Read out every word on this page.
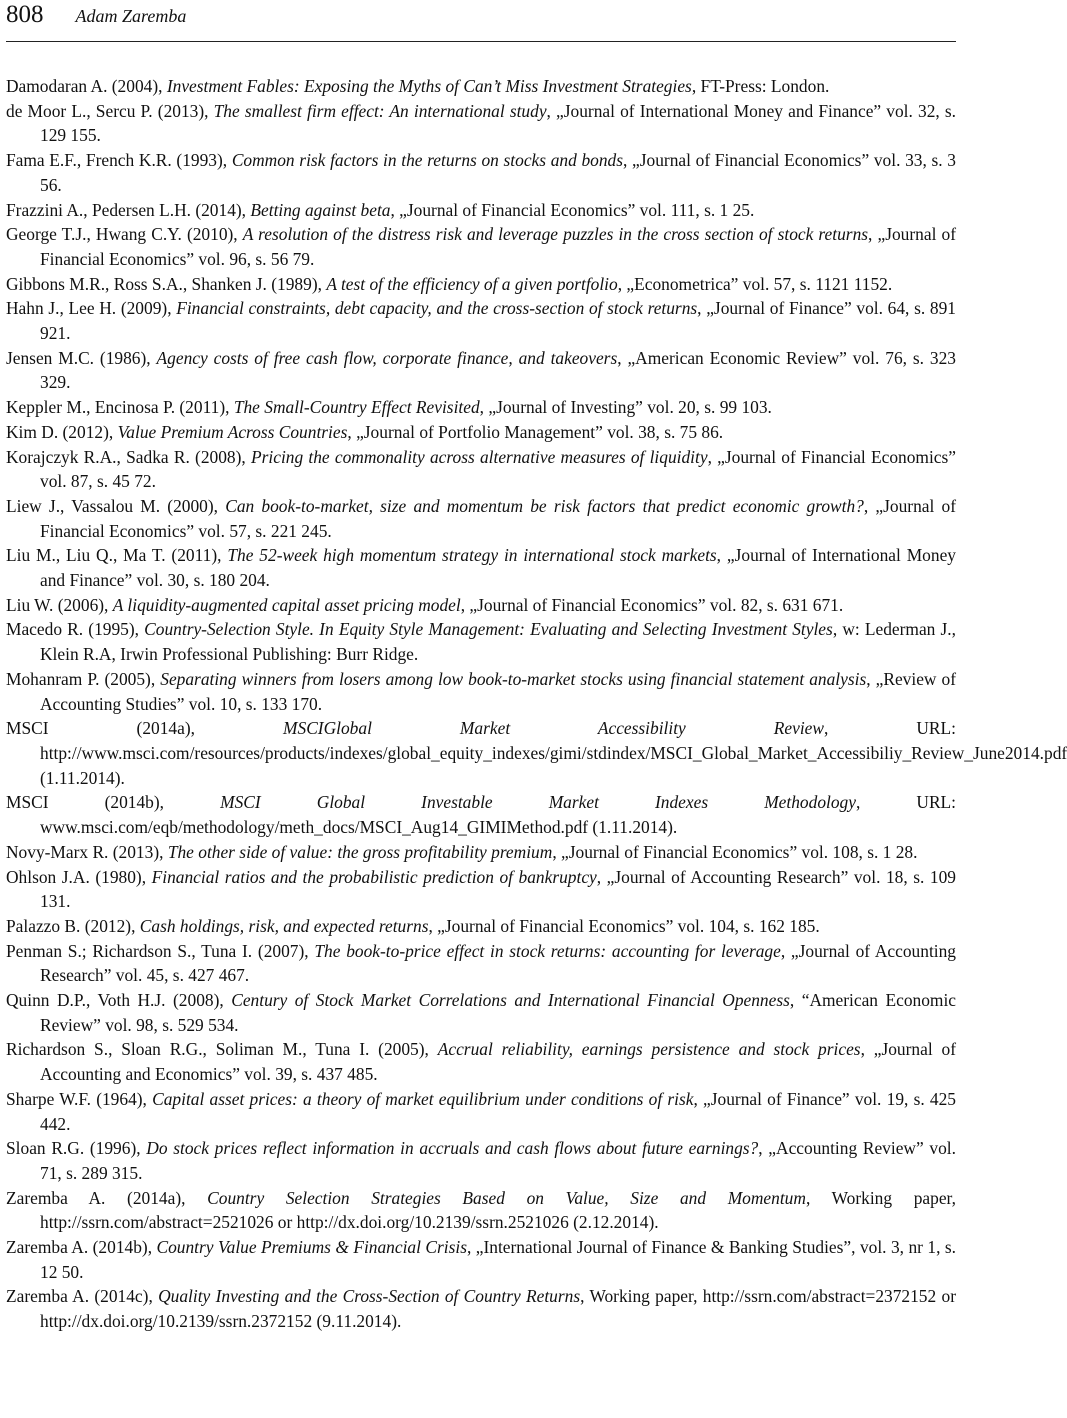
808 Adam Zaremba
Damodaran A. (2004), Investment Fables: Exposing the Myths of Can’t Miss Investment Strategies, FT-Press: London.
de Moor L., Sercu P. (2013), The smallest firm effect: An international study, „Journal of International Money and Finance” vol. 32, s. 129 155.
Fama E.F., French K.R. (1993), Common risk factors in the returns on stocks and bonds, „Journal of Financial Economics” vol. 33, s. 3 56.
Frazzini A., Pedersen L.H. (2014), Betting against beta, „Journal of Financial Economics” vol. 111, s. 1 25.
George T.J., Hwang C.Y. (2010), A resolution of the distress risk and leverage puzzles in the cross section of stock returns, „Journal of Financial Economics” vol. 96, s. 56 79.
Gibbons M.R., Ross S.A., Shanken J. (1989), A test of the efficiency of a given portfolio, „Econometrica” vol. 57, s. 1121 1152.
Hahn J., Lee H. (2009), Financial constraints, debt capacity, and the cross-section of stock returns, „Journal of Finance” vol. 64, s. 891 921.
Jensen M.C. (1986), Agency costs of free cash flow, corporate finance, and takeovers, „American Economic Review” vol. 76, s. 323 329.
Keppler M., Encinosa P. (2011), The Small-Country Effect Revisited, „Journal of Investing” vol. 20, s. 99 103.
Kim D. (2012), Value Premium Across Countries, „Journal of Portfolio Management” vol. 38, s. 75 86.
Korajczyk R.A., Sadka R. (2008), Pricing the commonality across alternative measures of liquidity, „Journal of Financial Economics” vol. 87, s. 45 72.
Liew J., Vassalou M. (2000), Can book-to-market, size and momentum be risk factors that predict economic growth?, „Journal of Financial Economics” vol. 57, s. 221 245.
Liu M., Liu Q., Ma T. (2011), The 52-week high momentum strategy in international stock markets, „Journal of International Money and Finance” vol. 30, s. 180 204.
Liu W. (2006), A liquidity-augmented capital asset pricing model, „Journal of Financial Economics” vol. 82, s. 631 671.
Macedo R. (1995), Country-Selection Style. In Equity Style Management: Evaluating and Selecting Investment Styles, w: Lederman J., Klein R.A, Irwin Professional Publishing: Burr Ridge.
Mohanram P. (2005), Separating winners from losers among low book-to-market stocks using financial statement analysis, „Review of Accounting Studies” vol. 10, s. 133 170.
MSCI (2014a), MSCIGlobal Market Accessibility Review, URL: http://www.msci.com/resources/products/indexes/global_equity_indexes/gimi/stdindex/MSCI_Global_Market_Accessibiliy_Review_June2014.pdf (1.11.2014).
MSCI (2014b), MSCI Global Investable Market Indexes Methodology, URL: www.msci.com/eqb/methodology/meth_docs/MSCI_Aug14_GIMIMethod.pdf (1.11.2014).
Novy-Marx R. (2013), The other side of value: the gross profitability premium, „Journal of Financial Economics” vol. 108, s. 1 28.
Ohlson J.A. (1980), Financial ratios and the probabilistic prediction of bankruptcy, „Journal of Accounting Research” vol. 18, s. 109 131.
Palazzo B. (2012), Cash holdings, risk, and expected returns, „Journal of Financial Economics” vol. 104, s. 162 185.
Penman S.; Richardson S., Tuna I. (2007), The book-to-price effect in stock returns: accounting for leverage, „Journal of Accounting Research” vol. 45, s. 427 467.
Quinn D.P., Voth H.J. (2008), Century of Stock Market Correlations and International Financial Openness, “American Economic Review” vol. 98, s. 529 534.
Richardson S., Sloan R.G., Soliman M., Tuna I. (2005), Accrual reliability, earnings persistence and stock prices, „Journal of Accounting and Economics” vol. 39, s. 437 485.
Sharpe W.F. (1964), Capital asset prices: a theory of market equilibrium under conditions of risk, „Journal of Finance” vol. 19, s. 425 442.
Sloan R.G. (1996), Do stock prices reflect information in accruals and cash flows about future earnings?, „Accounting Review” vol. 71, s. 289 315.
Zaremba A. (2014a), Country Selection Strategies Based on Value, Size and Momentum, Working paper, http://ssrn.com/abstract=2521026 or http://dx.doi.org/10.2139/ssrn.2521026 (2.12.2014).
Zaremba A. (2014b), Country Value Premiums & Financial Crisis, „International Journal of Finance & Banking Studies”, vol. 3, nr 1, s. 12 50.
Zaremba A. (2014c), Quality Investing and the Cross-Section of Country Returns, Working paper, http://ssrn.com/abstract=2372152 or http://dx.doi.org/10.2139/ssrn.2372152 (9.11.2014).
